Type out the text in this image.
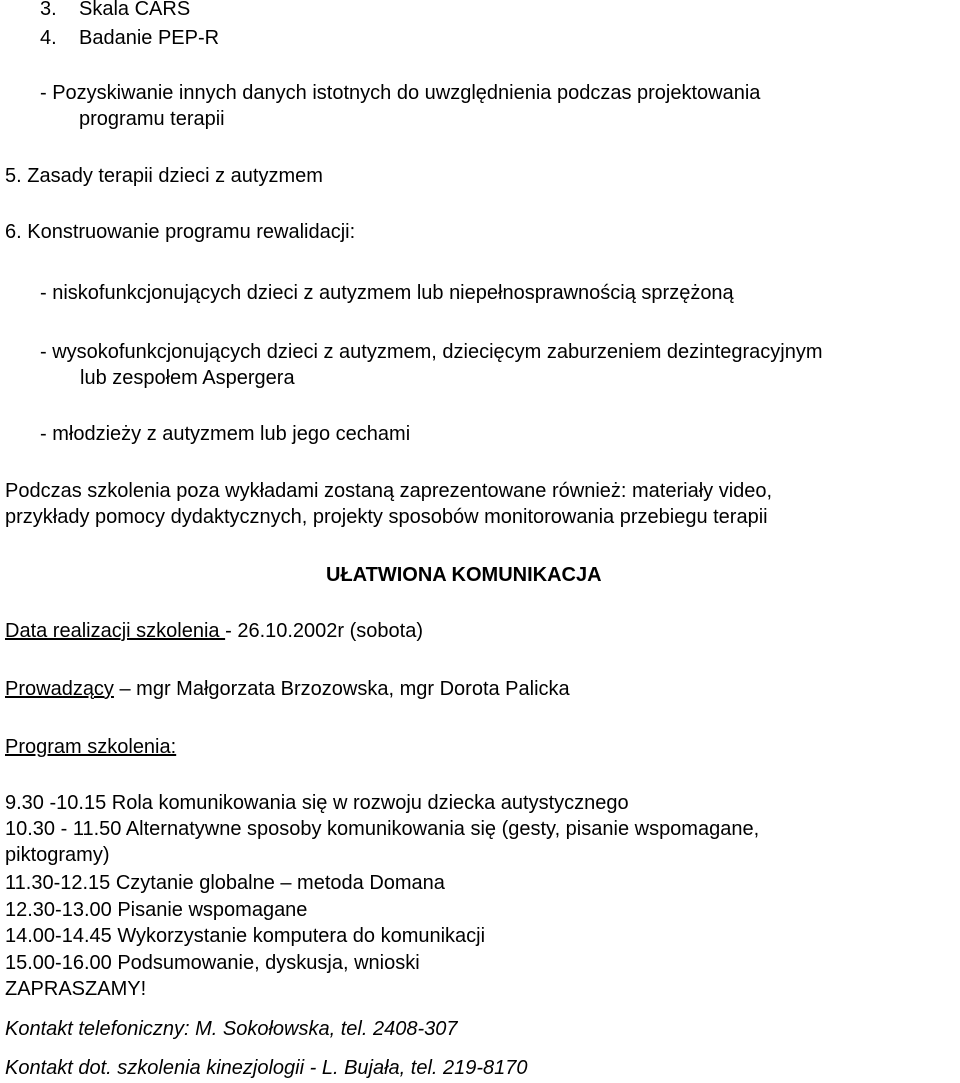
3. Skala CARS
4. Badanie PEP-R
- Pozyskiwanie innych danych istotnych do uwzględnienia podczas projektowania
programu terapii
5. Zasady terapii dzieci z autyzmem
6. Konstruowanie programu rewalidacji:
- niskofunkcjonujących dzieci z autyzmem lub niepełnosprawnością sprzężoną
- wysokofunkcjonujących dzieci z autyzmem, dziecięcym zaburzeniem dezintegracyjnym
lub zespołem Aspergera
- młodzieży z autyzmem lub jego cechami
Podczas szkolenia poza wykładami zostaną zaprezentowane również: materiały video,
przykłady pomocy dydaktycznych, projekty sposobów monitorowania przebiegu terapii
UŁATWIONA KOMUNIKACJA
Data realizacji szkolenia - 26.10.2002r (sobota)
Prowadzący – mgr Małgorzata Brzozowska, mgr Dorota Palicka
Program szkolenia:
9.30 -10.15 Rola komunikowania się w rozwoju dziecka autystycznego
10.30 - 11.50 Alternatywne sposoby komunikowania się (gesty, pisanie wspomagane,
piktogramy)
11.30-12.15 Czytanie globalne – metoda Domana
12.30-13.00 Pisanie wspomagane
14.00-14.45 Wykorzystanie komputera do komunikacji
15.00-16.00 Podsumowanie, dyskusja, wnioski
ZAPRASZAMY!
Kontakt telefoniczny: M. Sokołowska, tel. 2408-307
Kontakt dot. szkolenia kinezjologii - L. Bujała, tel. 219-8170
